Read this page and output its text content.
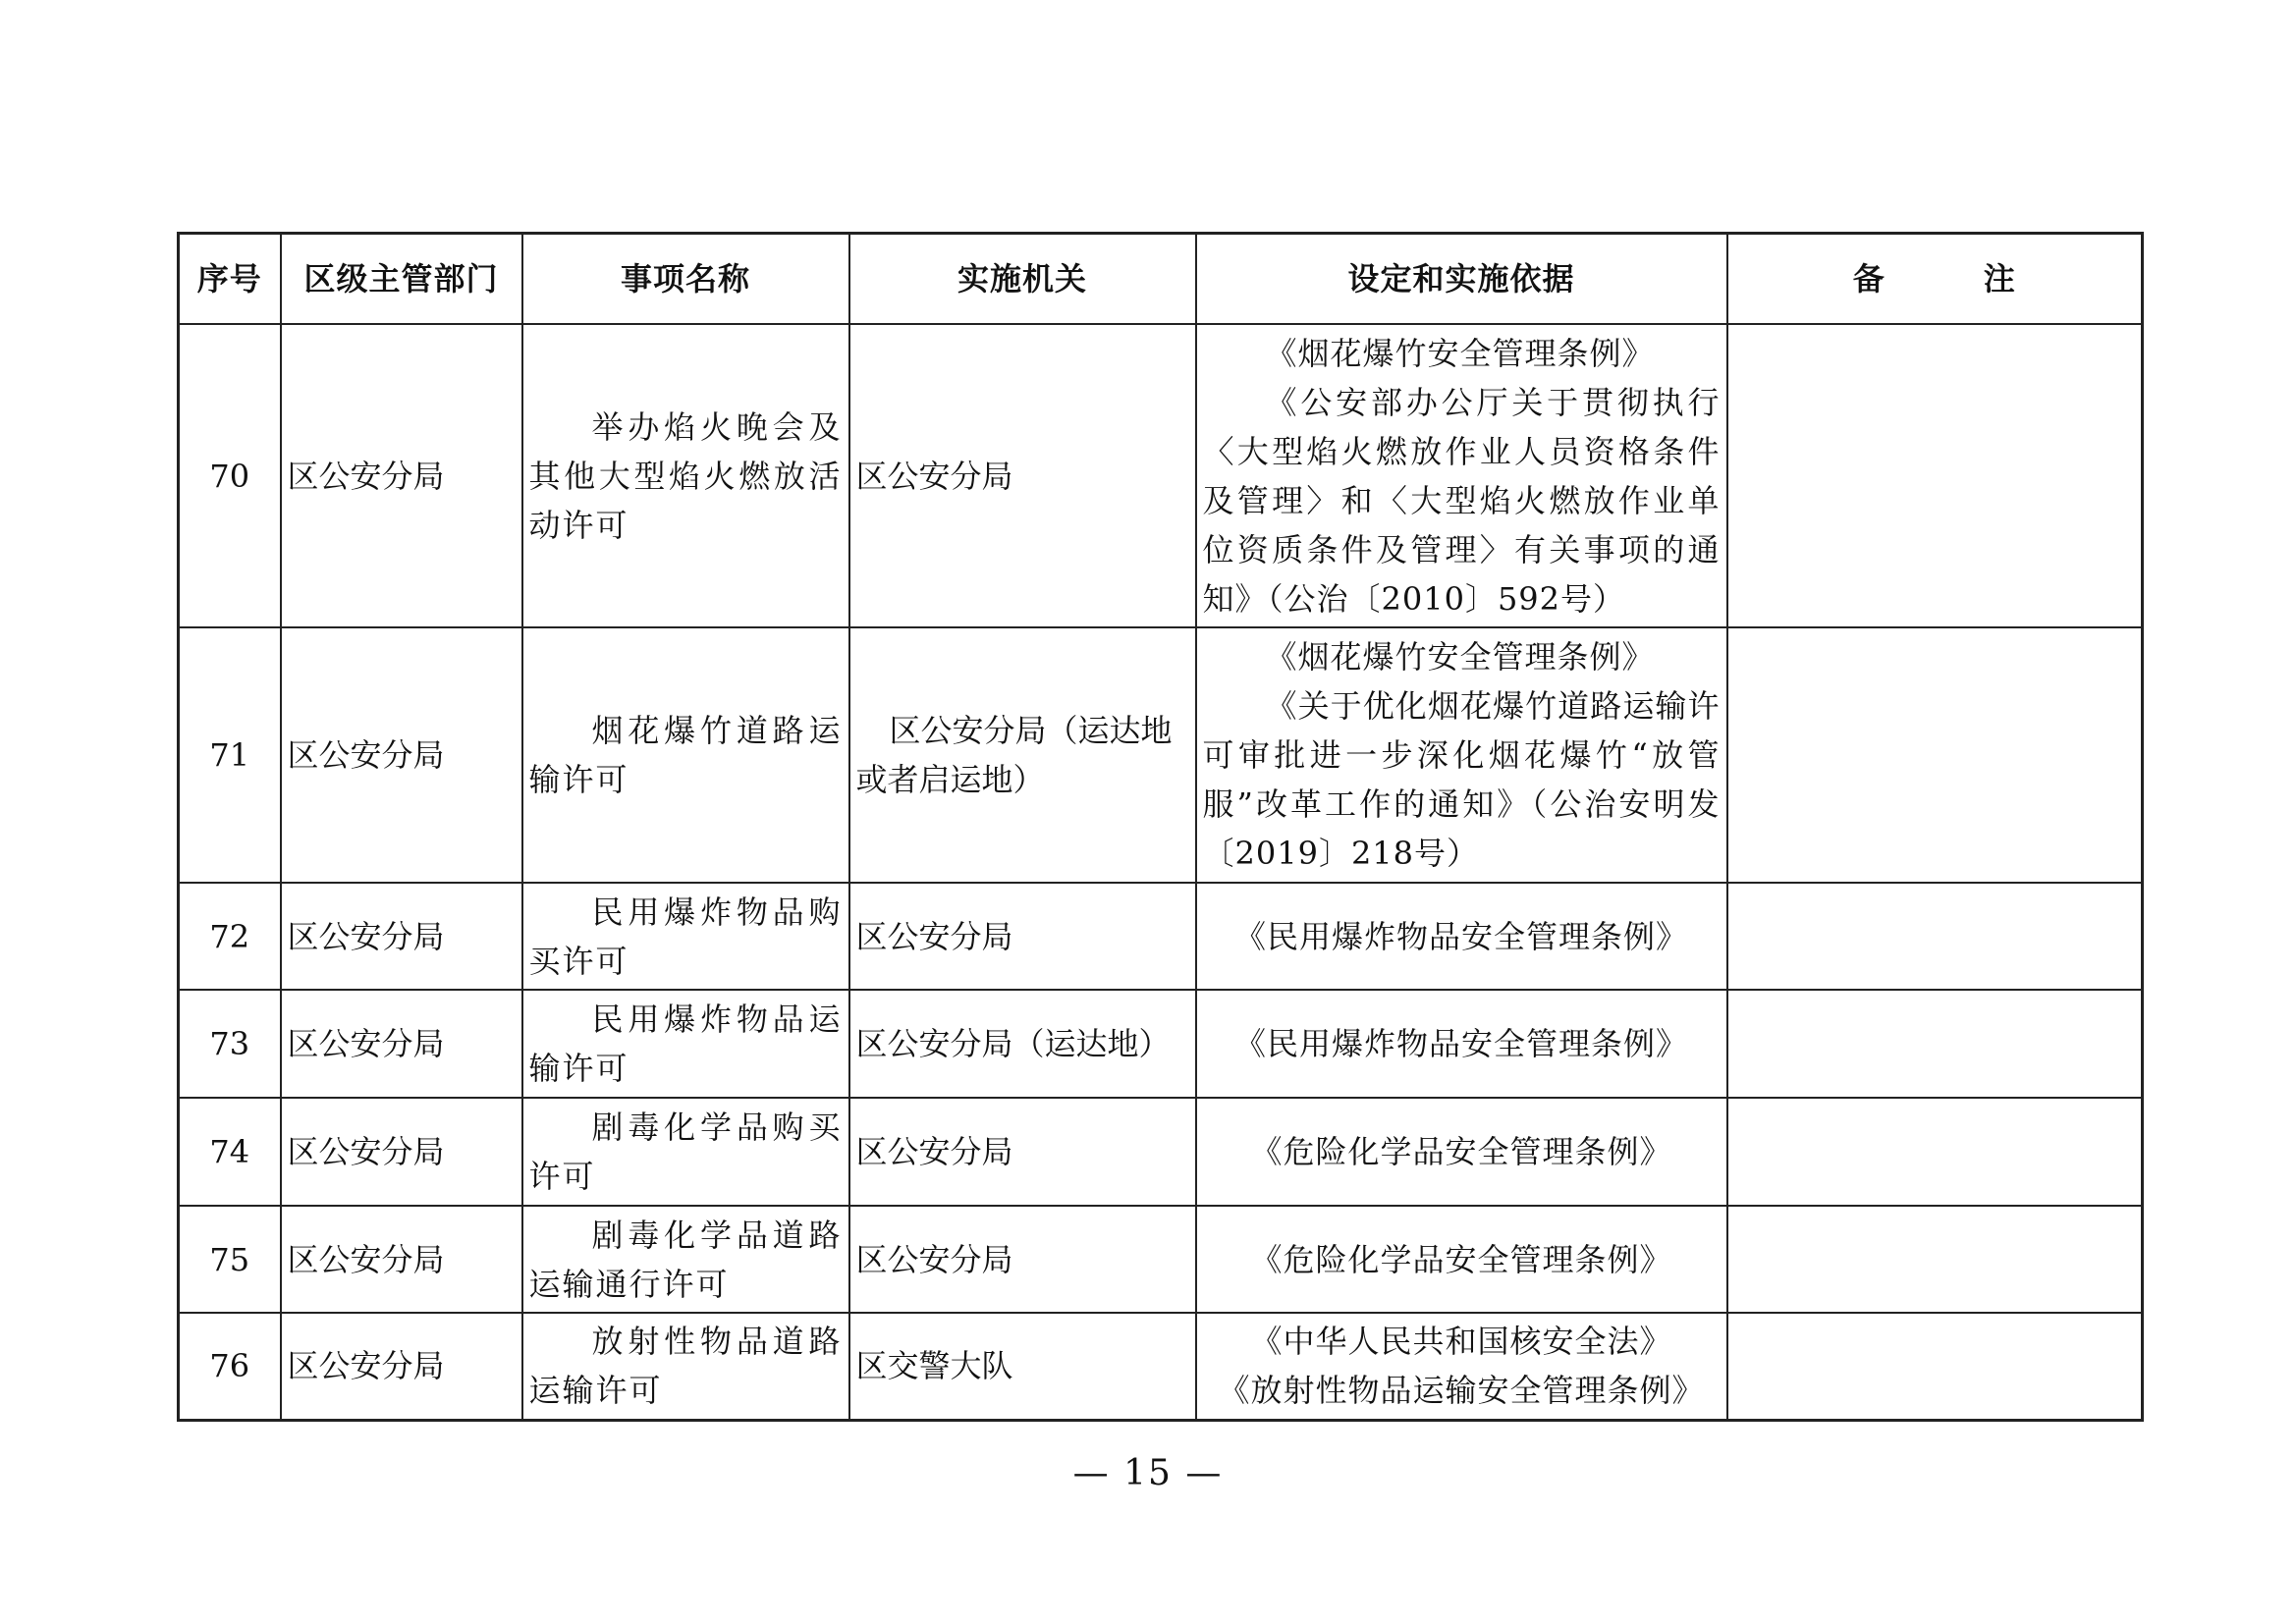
序号	区级主管部门	事项名称	实施机关	设定和实施依据	备 注
70	区公安分局	举办焰火晚会及其他大型焰火燃放活动许可	区公安分局	《烟花爆竹安全管理条例》
《公安部办公厅关于贯彻执行〈大型焰火燃放作业人员资格条件及管理〉和〈大型焰火燃放作业单位资质条件及管理〉有关事项的通知》（公治〔2010〕592号）	

71	区公安分局	烟花爆竹道路运输许可	区公安分局（运达地或者启运地）	《烟花爆竹安全管理条例》
《关于优化烟花爆竹道路运输许可审批进一步深化烟花爆竹“放管服”改革工作的通知》（公治安明发〔2019〕218号）	

72	区公安分局	民用爆炸物品购买许可	区公安分局	《民用爆炸物品安全管理条例》	
73	区公安分局	民用爆炸物品运输许可	区公安分局（运达地）	《民用爆炸物品安全管理条例》	
74	区公安分局	剧毒化学品购买许可	区公安分局	《危险化学品安全管理条例》	
75	区公安分局	剧毒化学品道路运输通行许可	区公安分局	《危险化学品安全管理条例》	
76	区公安分局	放射性物品道路运输许可	区交警大队	《中华人民共和国核安全法》
《放射性物品运输安全管理条例》	

— 15 —
